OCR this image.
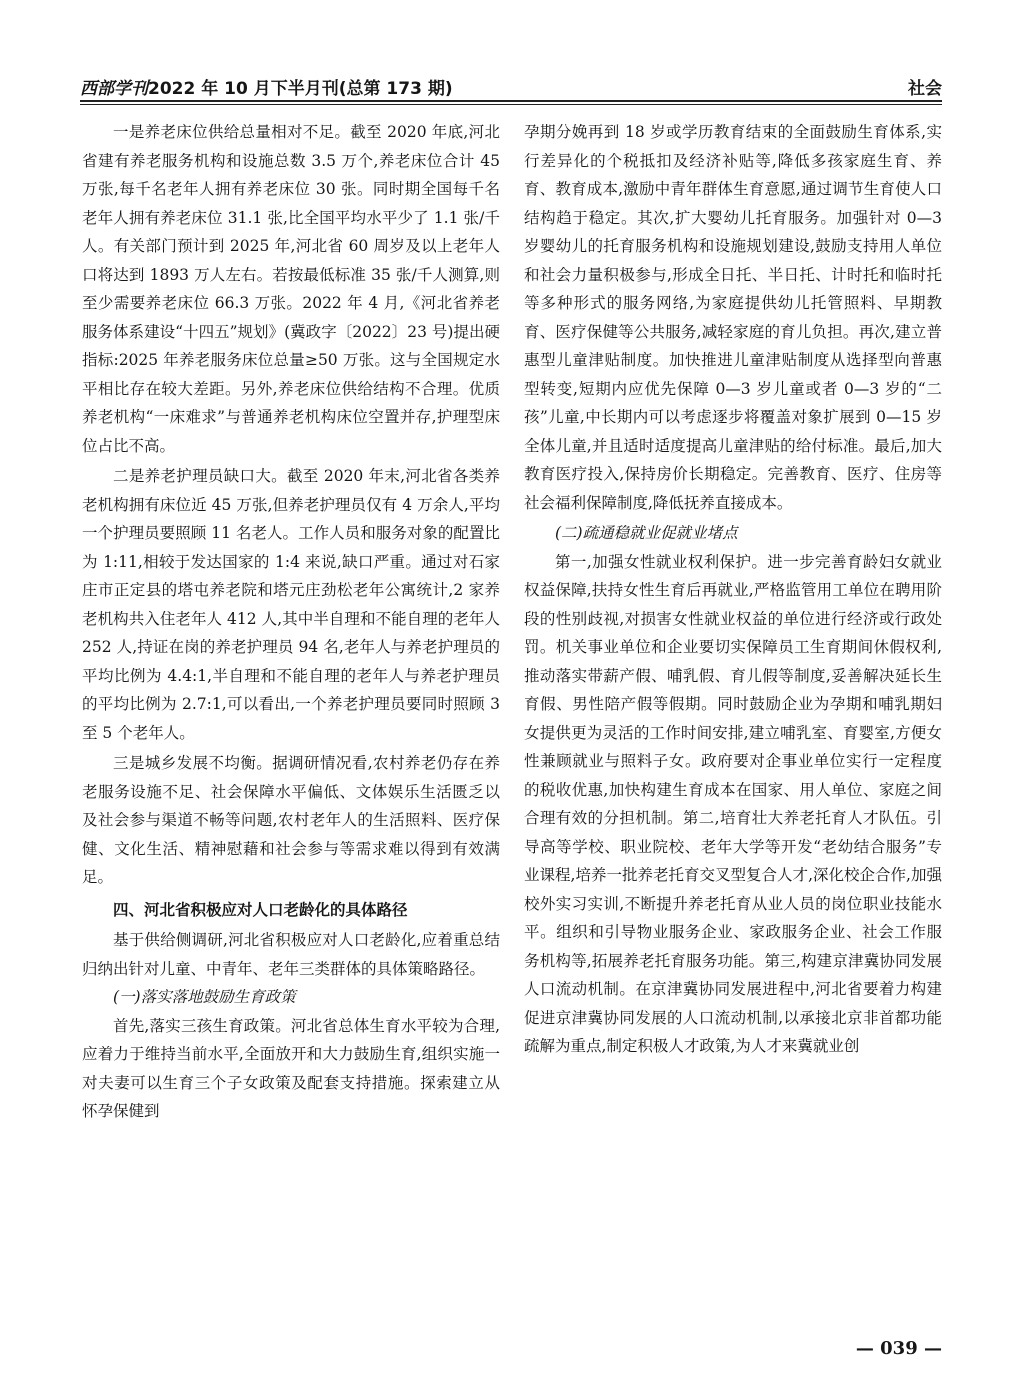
西部学刊2022 年 10 月下半月刊(总第 173 期)	社会

一是养老床位供给总量相对不足。截至 2020 年底,河北省建有养老服务机构和设施总数 3.5 万个,养老床位合计 45 万张,每千名老年人拥有养老床位 30 张。同时期全国每千名老年人拥有养老床位 31.1 张,比全国平均水平少了 1.1 张/千人。有关部门预计到 2025 年,河北省 60 周岁及以上老年人口将达到 1893 万人左右。若按最低标准 35 张/千人测算,则至少需要养老床位 66.3 万张。2022 年 4 月,《河北省养老服务体系建设“十四五”规划》(冀政字〔2022〕23 号)提出硬指标:2025 年养老服务床位总量≥50 万张。这与全国规定水平相比存在较大差距。另外,养老床位供给结构不合理。优质养老机构“一床难求”与普通养老机构床位空置并存,护理型床位占比不高。

二是养老护理员缺口大。截至 2020 年末,河北省各类养老机构拥有床位近 45 万张,但养老护理员仅有 4 万余人,平均一个护理员要照顾 11 名老人。工作人员和服务对象的配置比为 1:11,相较于发达国家的 1:4 来说,缺口严重。通过对石家庄市正定县的塔屯养老院和塔元庄劲松老年公寓统计,2 家养老机构共入住老年人 412 人,其中半自理和不能自理的老年人 252 人,持证在岗的养老护理员 94 名,老年人与养老护理员的平均比例为 4.4:1,半自理和不能自理的老年人与养老护理员的平均比例为 2.7:1,可以看出,一个养老护理员要同时照顾 3 至 5 个老年人。

三是城乡发展不均衡。据调研情况看,农村养老仍存在养老服务设施不足、社会保障水平偏低、文体娱乐生活匮乏以及社会参与渠道不畅等问题,农村老年人的生活照料、医疗保健、文化生活、精神慰藉和社会参与等需求难以得到有效满足。

四、河北省积极应对人口老龄化的具体路径

基于供给侧调研,河北省积极应对人口老龄化,应着重总结归纳出针对儿童、中青年、老年三类群体的具体策略路径。

(一)落实落地鼓励生育政策

首先,落实三孩生育政策。河北省总体生育水平较为合理,应着力于维持当前水平,全面放开和大力鼓励生育,组织实施一对夫妻可以生育三个子女政策及配套支持措施。探索建立从怀孕保健到

孕期分娩再到 18 岁或学历教育结束的全面鼓励生育体系,实行差异化的个税抵扣及经济补贴等,降低多孩家庭生育、养育、教育成本,激励中青年群体生育意愿,通过调节生育使人口结构趋于稳定。其次,扩大婴幼儿托育服务。加强针对 0—3 岁婴幼儿的托育服务机构和设施规划建设,鼓励支持用人单位和社会力量积极参与,形成全日托、半日托、计时托和临时托等多种形式的服务网络,为家庭提供幼儿托管照料、早期教育、医疗保健等公共服务,减轻家庭的育儿负担。再次,建立普惠型儿童津贴制度。加快推进儿童津贴制度从选择型向普惠型转变,短期内应优先保障 0—3 岁儿童或者 0—3 岁的“二孩”儿童,中长期内可以考虑逐步将覆盖对象扩展到 0—15 岁全体儿童,并且适时适度提高儿童津贴的给付标准。最后,加大教育医疗投入,保持房价长期稳定。完善教育、医疗、住房等社会福利保障制度,降低抚养直接成本。

(二)疏通稳就业促就业堵点

第一,加强女性就业权利保护。进一步完善育龄妇女就业权益保障,扶持女性生育后再就业,严格监管用工单位在聘用阶段的性别歧视,对损害女性就业权益的单位进行经济或行政处罚。机关事业单位和企业要切实保障员工生育期间休假权利,推动落实带薪产假、哺乳假、育儿假等制度,妥善解决延长生育假、男性陪产假等假期。同时鼓励企业为孕期和哺乳期妇女提供更为灵活的工作时间安排,建立哺乳室、育婴室,方便女性兼顾就业与照料子女。政府要对企事业单位实行一定程度的税收优惠,加快构建生育成本在国家、用人单位、家庭之间合理有效的分担机制。第二,培育壮大养老托育人才队伍。引导高等学校、职业院校、老年大学等开发“老幼结合服务”专业课程,培养一批养老托育交叉型复合人才,深化校企合作,加强校外实习实训,不断提升养老托育从业人员的岗位职业技能水平。组织和引导物业服务企业、家政服务企业、社会工作服务机构等,拓展养老托育服务功能。第三,构建京津冀协同发展人口流动机制。在京津冀协同发展进程中,河北省要着力构建促进京津冀协同发展的人口流动机制,以承接北京非首都功能疏解为重点,制定积极人才政策,为人才来冀就业创

— 039 —
